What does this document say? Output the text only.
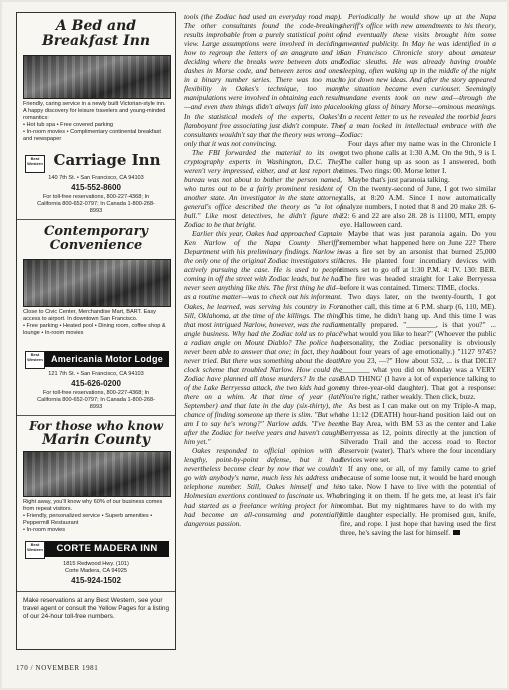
A Bed and
Breakfast Inn
Friendly, caring service in a newly built Victorian-style inn. A happy discovery for leisure travelers and young-minded romantics:
• Hot tub spa • Free covered parking
• In-room movies • Complimentary continental breakfast and newspaper
Best Western Carriage Inn
140 7th St. • San Francisco, CA 94103
415-552-8600
For toll-free reservations, 800-227-4368; In California 800-652-0797; In Canada 1-800-268-8993
Contemporary
Convenience
Close to Civic Center, Merchandise Mart, BART. Easy access to airport. In downtown San Francisco.
• Free parking • Heated pool • Dining room, coffee shop & lounge • In-room movies
Best Western Americania Motor Lodge
121 7th St. • San Francisco, CA 94103
415-626-0200
For toll-free reservations, 800-227-4368; In California 800-652-0797; In Canada 1-800-268-8993
For those who know
Marin County
Right away, you'll know why 60% of our business comes from repeat visitors.
• Friendly, personalized service • Superb amenities • Peppermill Restaurant
• In-room movies
Best Western	CORTE MADERA INN
1815 Redwood Hwy. (101)
Corte Madera, CA 94925
415-924-1502
Make reservations at any Best Western, see your travel agent or consult the Yellow Pages for a listing of our 24-hour toll-free numbers.

tools (the Zodiac had used an everyday road map). The other consultants found the code-breaking results improbable from a purely statistical point of view. Large assumptions were involved in deciding how to regroup the letters of an anagram and in deciding where the breaks were between dots and dashes in Morse code, and between zeros and ones in a binary number series. There was too much flexibility in Oakes's technique, too many manipulations were involved in obtaining each result—and even then things didn't always fall into place. In the statistical models of the experts, Oakes's flamboyant free associating just didn't compute. The consultants wouldn't say that the theory was wrong—only that it was not convincing.

The FBI forwarded the material to its own cryptography experts in Washington, D.C. They weren't very impressed, either, and at last report the bureau was not about to bother the person named, who turns out to be a fairly prominent resident of another state. An investigator in the state attorney general's office described the theory as "a lot of bull." Like most detectives, he didn't figure the Zodiac to be that bright.

Earlier this year, Oakes had approached Captain Ken Narlow of the Napa County Sheriff's Department with his preliminary findings. Narlow is the only one of the original Zodiac investigators still actively pursuing the case. He is used to people coming in off the street with Zodiac leads, but he had never seen anything like this. The first thing he did—as a routine matter—was to check out his informant. Oakes, he learned, was serving his country in Fort Sill, Oklahoma, at the time of the killings. The thing that most intrigued Narlow, however, was the radian angle business. Why had the Zodiac told us to place a radian angle on Mount Diablo? The police had never been able to answer that one; in fact, they had never tried. But there was something about the death clock scheme that troubled Narlow. How could the Zodiac have planned all those murders? In the case of the Lake Berryessa attack, the two kids had gone there on a whim. At that time of year (late September) and that late in the day (six-thirty), the chance of finding someone up there is slim. "But who am I to say he's wrong?" Narlow adds. "I've been after the Zodiac for twelve years and haven't caught him yet."

Oakes responded to official opinion with a lengthy, point-by-point defense, but it had nevertheless become clear by now that we couldn't go with anybody's name, much less his address and telephone number. Still, Oakes himself and his Holmesian exertions continued to fascinate us. What had started as a freelance writing project for him had become an all-consuming and potentially dangerous passion.

Periodically he would show up at the Napa sheriff's office with new amendments to his theory, and eventually these visits brought him some unwanted publicity. In May he was identified in a San Francisco Chronicle story about amateur Zodiac sleuths. He was already having trouble sleeping, often waking up in the middle of the night to jot down new ideas. And after the story appeared the situation became even curiouser. Seemingly mundane events took on new and—through the looking glass of binary Morse—ominous meanings. In a recent letter to us he revealed the morbid fears of a man locked in intellectual embrace with the Zodiac:

Four days after my name was in the Chronicle I got two phone calls at 1:30 A.M. On the 9th, 9 is I. The caller hung up as soon as I answered, both times. Two rings: 00. Morse letter I.

Maybe that's just paranoia talking.

On the twenty-second of June, I got two similar calls, at 8:20 A.M. Since I now automatically analyze numbers, I noted that 8 and 20 make 28. 6-22: 6 and 22 are also 28. 28 is 11100, MTI, empty eye. Halloween card.

Maybe that was just paranoia again. Do you remember what happened here on June 22? There was a fire set by an arsonist that burned 25,000 acres. He planted four incendiary devices with timers set to go off at 1:30 P.M. 4: IV. 130: BER. The fire was headed straight for Lake Berryessa before it was contained. Timers: TIME, clocks.

Two days later, on the twenty-fourth, I got another call, this time at 6 P.M. sharp (6, 110, ME). This time, he didn't hang up. And this time I was mentally prepared. "________, is that you?" ... "what would you like to hear?" (Whoever the public personality, the Zodiac personality is obviously about four years of age emotionally.) "1127 9745? Are you 23, —?" How about 532, ... is that DICE? ________ what you did on Monday was a VERY BAD THING' (I have a lot of experience talking to my three-year-old daughter). That got a response: 'You're right,' rather weakly. Then click, buzz.

As best as I can make out on my Triple-A map, the 11:12 (DEATH) hour-hand position laid out on the Bay Area, with BM 53 as the center and Lake Berryessa as 12, points directly at the junction of Silverado Trail and the access road to Rector Reservoir (water). That's where the four incendiary devices were set.

If any one, or all, of my family came to grief because of some loose nut, it would be hard enough to take. Now I have to live with the potential of bringing it on them. If he gets me, at least it's fair combat. But my nightmares have to do with my little daughter especially. He promised gun, knife, fire, and rope. I just hope that having used the first three, he's saving the last for himself.

170 / NOVEMBER 1981
